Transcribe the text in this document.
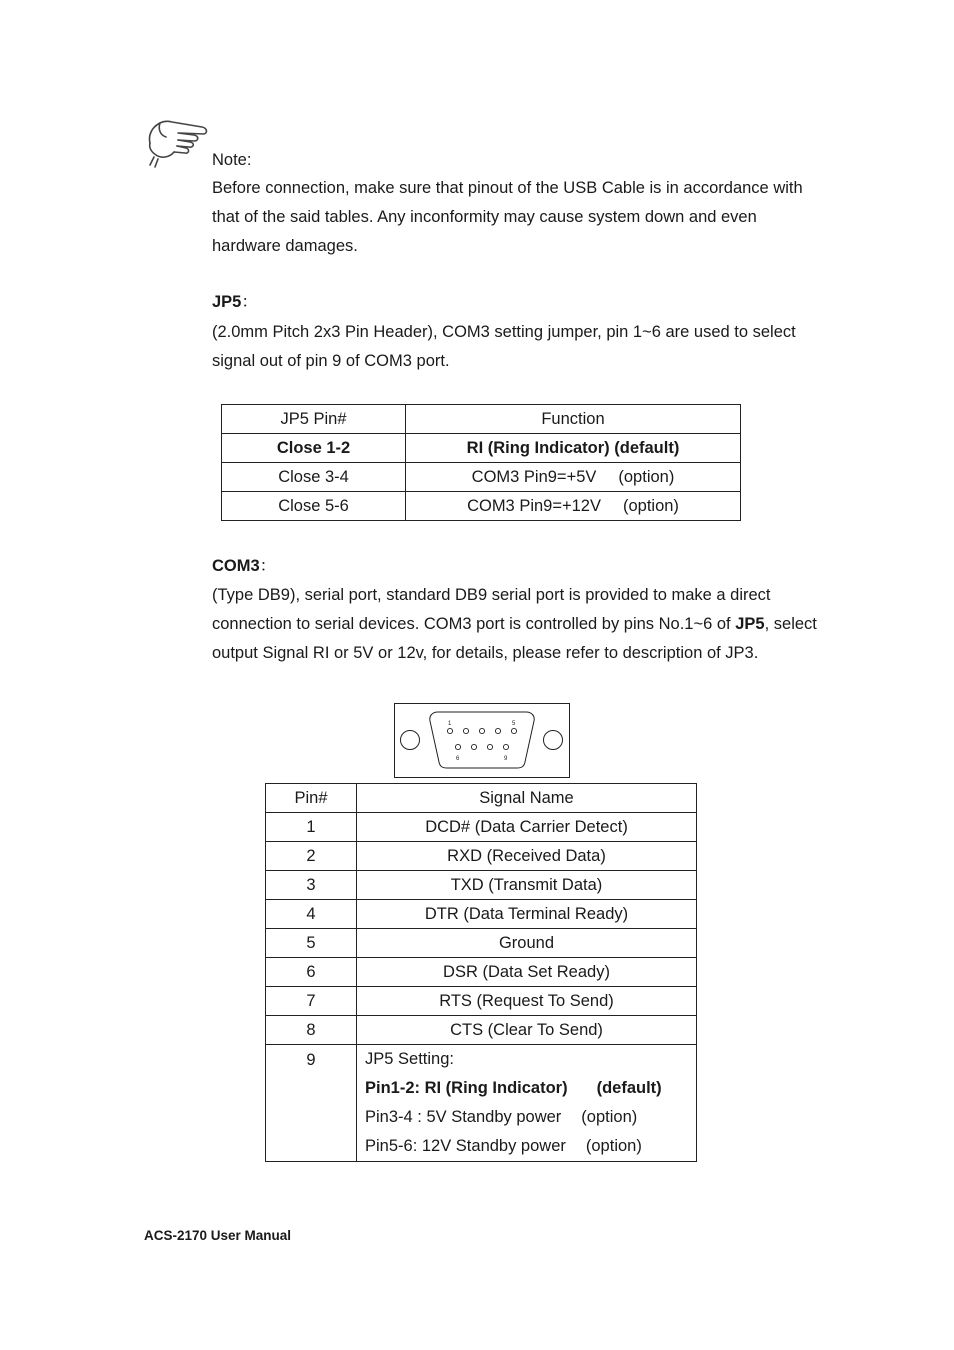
Note:

Before connection, make sure that pinout of the USB Cable is in accordance with that of the said tables. Any inconformity may cause system down and even hardware damages.

JP5：

(2.0mm Pitch 2x3 Pin Header), COM3 setting jumper, pin 1~6 are used to select signal out of pin 9 of COM3 port.

JP5 Pin#	Function
Close 1-2	RI (Ring Indicator) (default)
Close 3-4	COM3 Pin9=+5V (option)
Close 5-6	COM3 Pin9=+12V (option)
COM3：

(Type DB9), serial port, standard DB9 serial port is provided to make a direct connection to serial devices. COM3 port is controlled by pins No.1~6 of JP5, select output Signal RI or 5V or 12v, for details, please refer to description of JP3.

1	5
6	9
Pin#	Signal Name
1	DCD# (Data Carrier Detect)
2	RXD (Received Data)
3	TXD (Transmit Data)
4	DTR (Data Terminal Ready)
5	Ground
6	DSR (Data Set Ready)
7	RTS (Request To Send)
8	CTS (Clear To Send)
9	JP5 Setting:
Pin1-2: RI (Ring Indicator) (default)
Pin3-4 : 5V Standby power (option)
Pin5-6: 12V Standby power (option)
ACS-2170 User Manual
